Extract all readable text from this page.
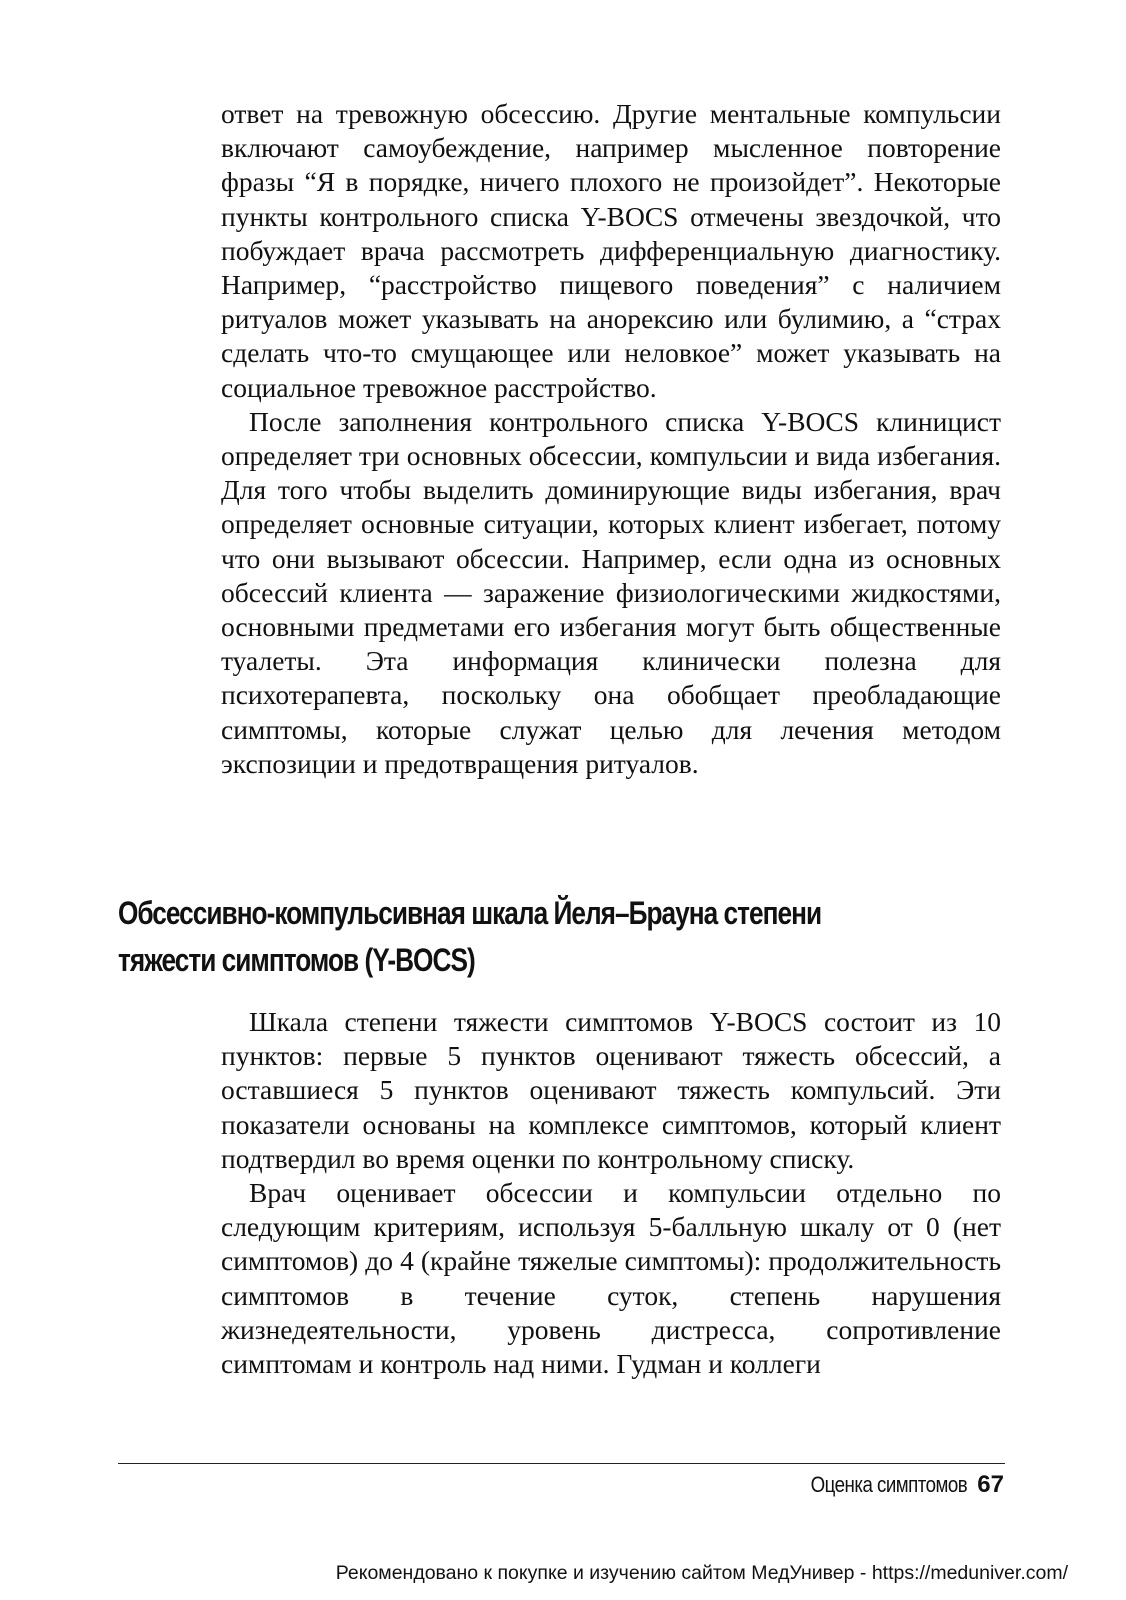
ответ на тревожную обсессию. Другие ментальные компульсии включают самоубеждение, например мысленное повторение фразы “Я в порядке, ничего плохого не произойдет”. Некоторые пункты контрольного списка Y-BOCS отмечены звездочкой, что побуждает врача рассмотреть дифференциальную диагностику. Например, “расстройство пищевого поведения” с наличием ритуалов может указывать на анорексию или булимию, а “страх сделать что-то смущающее или неловкое” может указывать на социальное тревожное расстройство.

После заполнения контрольного списка Y-BOCS клиницист определяет три основных обсессии, компульсии и вида избегания. Для того чтобы выделить доминирующие виды избегания, врач определяет основные ситуации, которых клиент избегает, потому что они вызывают обсессии. Например, если одна из основных обсессий клиента — заражение физиологическими жидкостями, основными предметами его избегания могут быть общественные туалеты. Эта информация клинически полезна для психотерапевта, поскольку она обобщает преобладающие симптомы, которые служат целью для лечения методом экспозиции и предотвращения ритуалов.

Обсессивно-компульсивная шкала Йеля–Брауна степени тяжести симптомов (Y-BOCS)

Шкала степени тяжести симптомов Y-BOCS состоит из 10 пунктов: первые 5 пунктов оценивают тяжесть обсессий, а оставшиеся 5 пунктов оценивают тяжесть компульсий. Эти показатели основаны на комплексе симптомов, который клиент подтвердил во время оценки по контрольному списку.

Врач оценивает обсессии и компульсии отдельно по следующим критериям, используя 5-балльную шкалу от 0 (нет симптомов) до 4 (крайне тяжелые симптомы): продолжительность симптомов в течение суток, степень нарушения жизнедеятельности, уровень дистресса, сопротивление симптомам и контроль над ними. Гудман и коллеги

Оценка симптомов 67
Рекомендовано к покупке и изучению сайтом МедУнивер - https://meduniver.com/
